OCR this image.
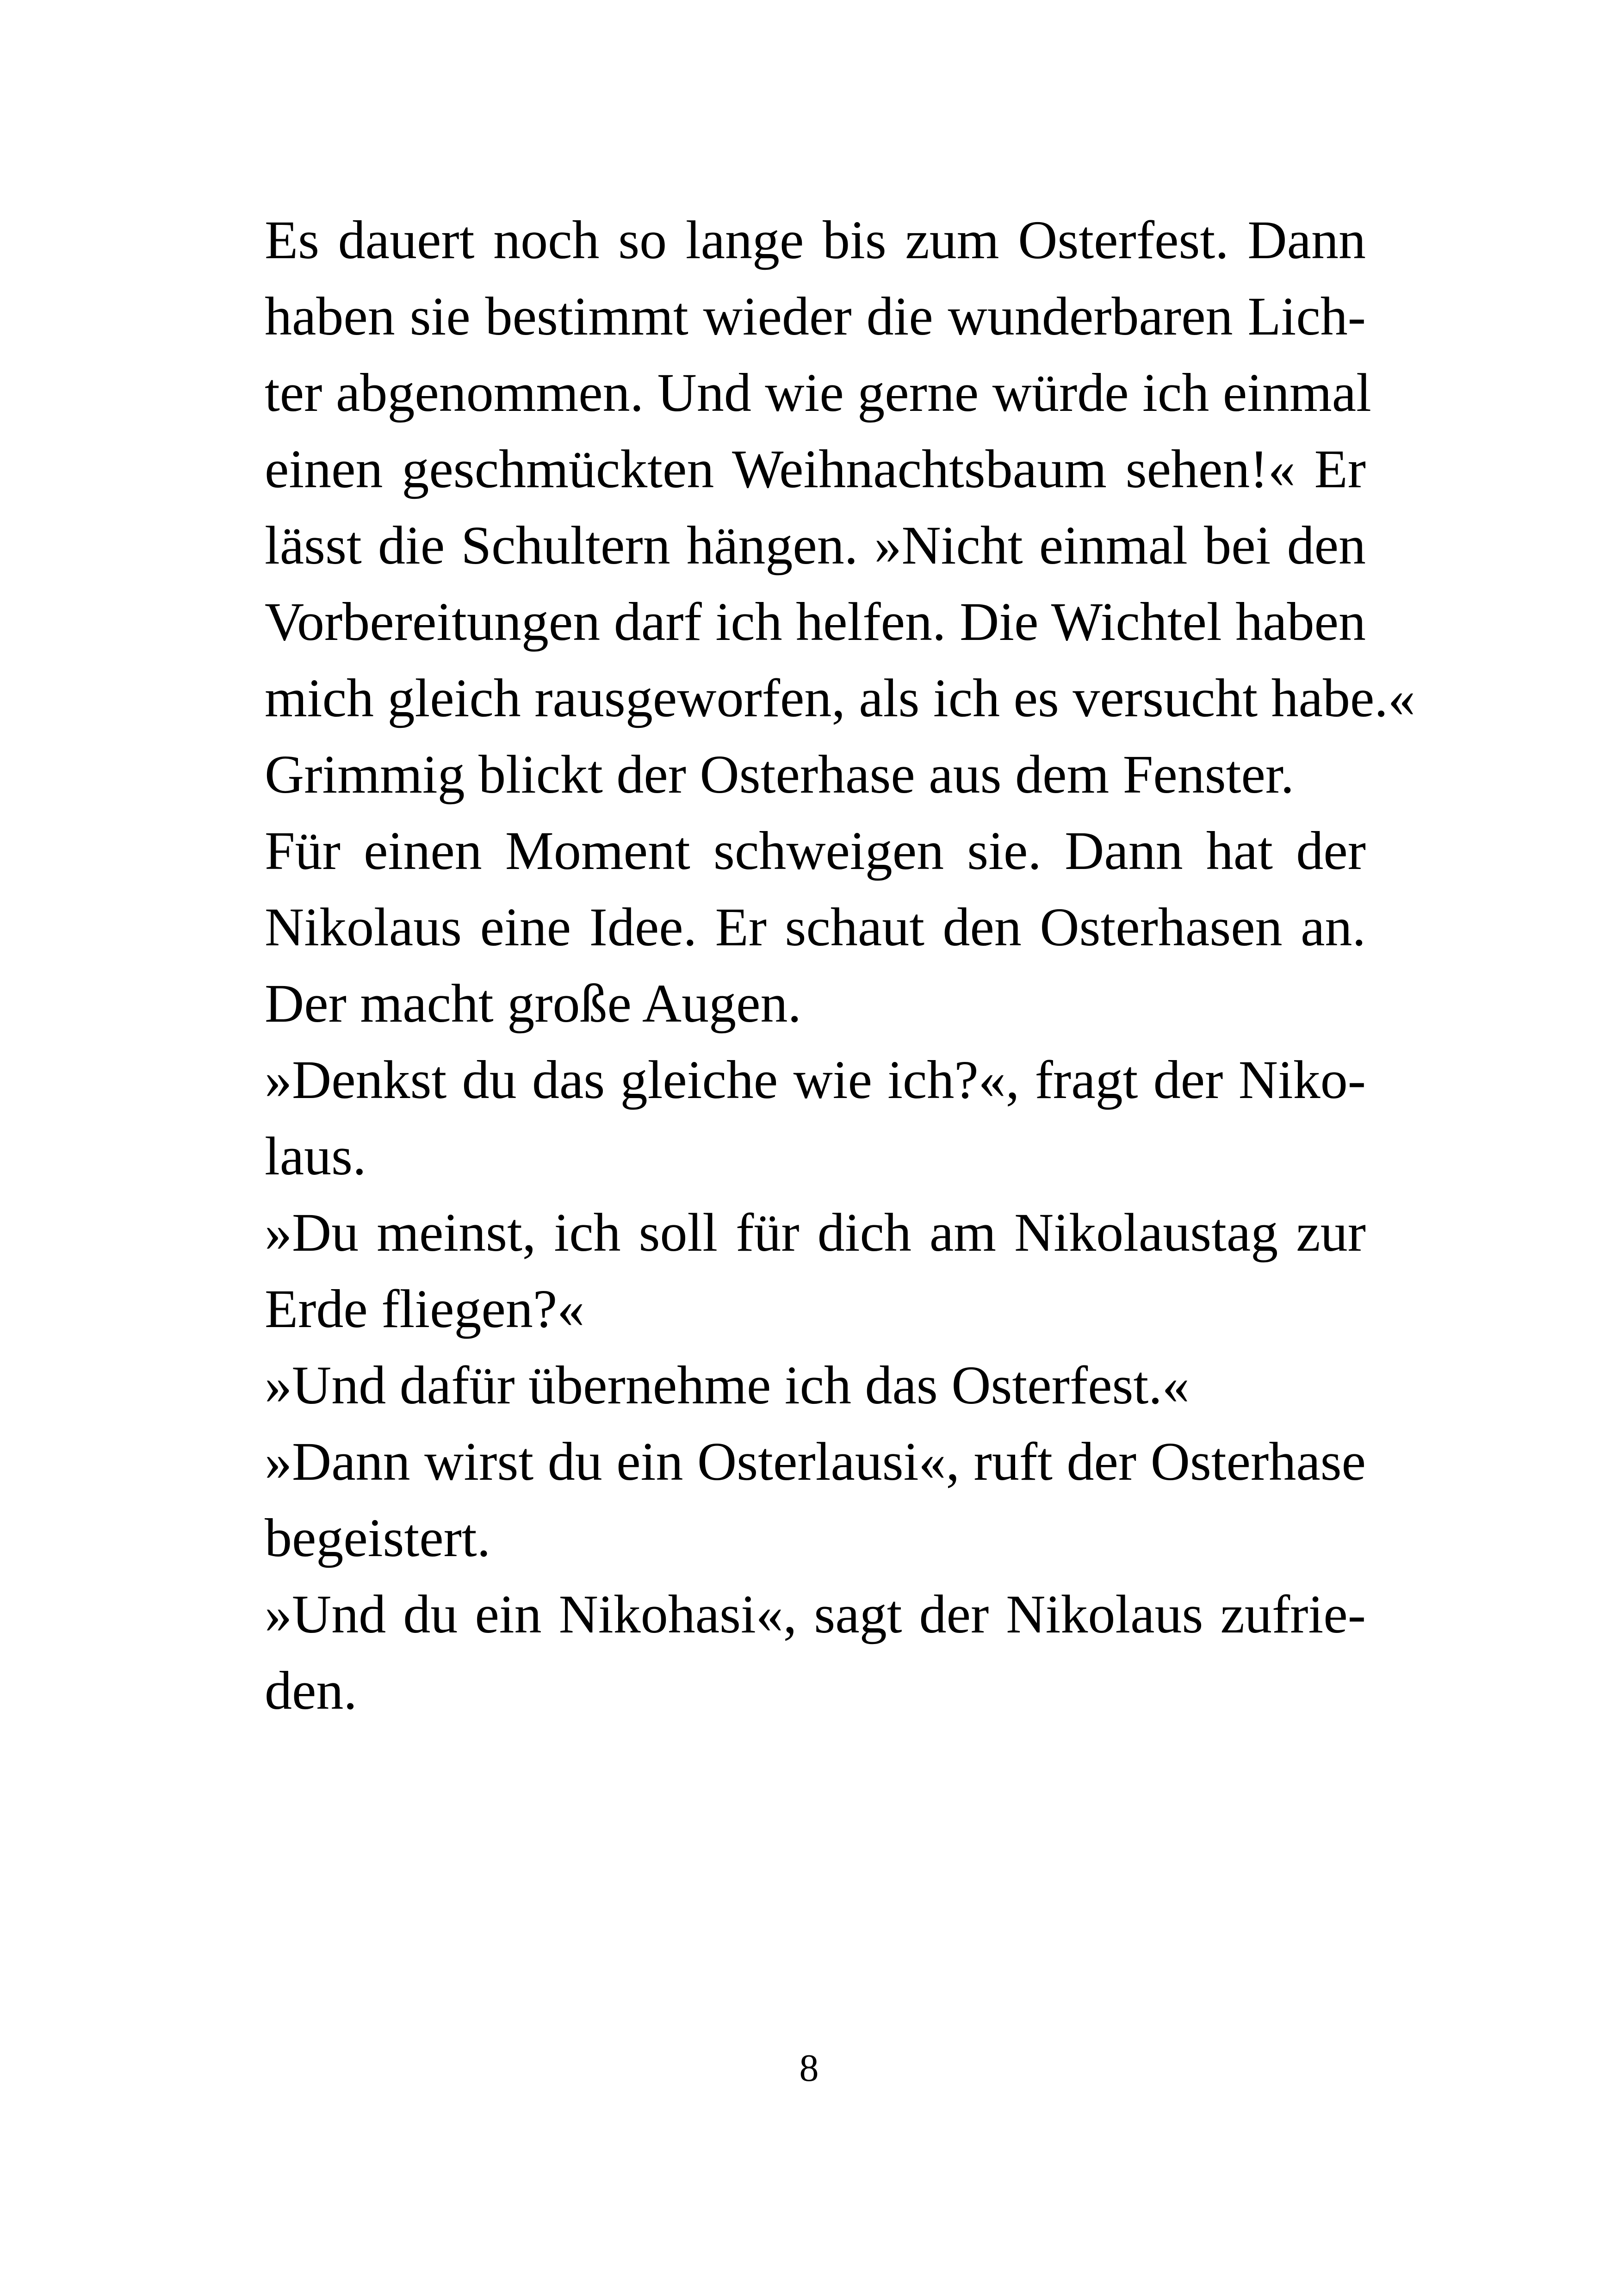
Es dauert noch so lange bis zum Osterfest. Dann
haben sie bestimmt wieder die wunderbaren Lich-
ter abgenommen. Und wie gerne würde ich einmal
einen geschmückten Weihnachtsbaum sehen!« Er
lässt die Schultern hängen. »Nicht einmal bei den
Vorbereitungen darf ich helfen. Die Wichtel haben
mich gleich rausgeworfen, als ich es versucht habe.«
Grimmig blickt der Osterhase aus dem Fenster.
Für einen Moment schweigen sie. Dann hat der
Nikolaus eine Idee. Er schaut den Osterhasen an.
Der macht große Augen.
»Denkst du das gleiche wie ich?«, fragt der Niko-
laus.
»Du meinst, ich soll für dich am Nikolaustag zur
Erde fliegen?«
»Und dafür übernehme ich das Osterfest.«
»Dann wirst du ein Osterlausi«, ruft der Osterhase
begeistert.
»Und du ein Nikohasi«, sagt der Nikolaus zufrie-
den.
8
